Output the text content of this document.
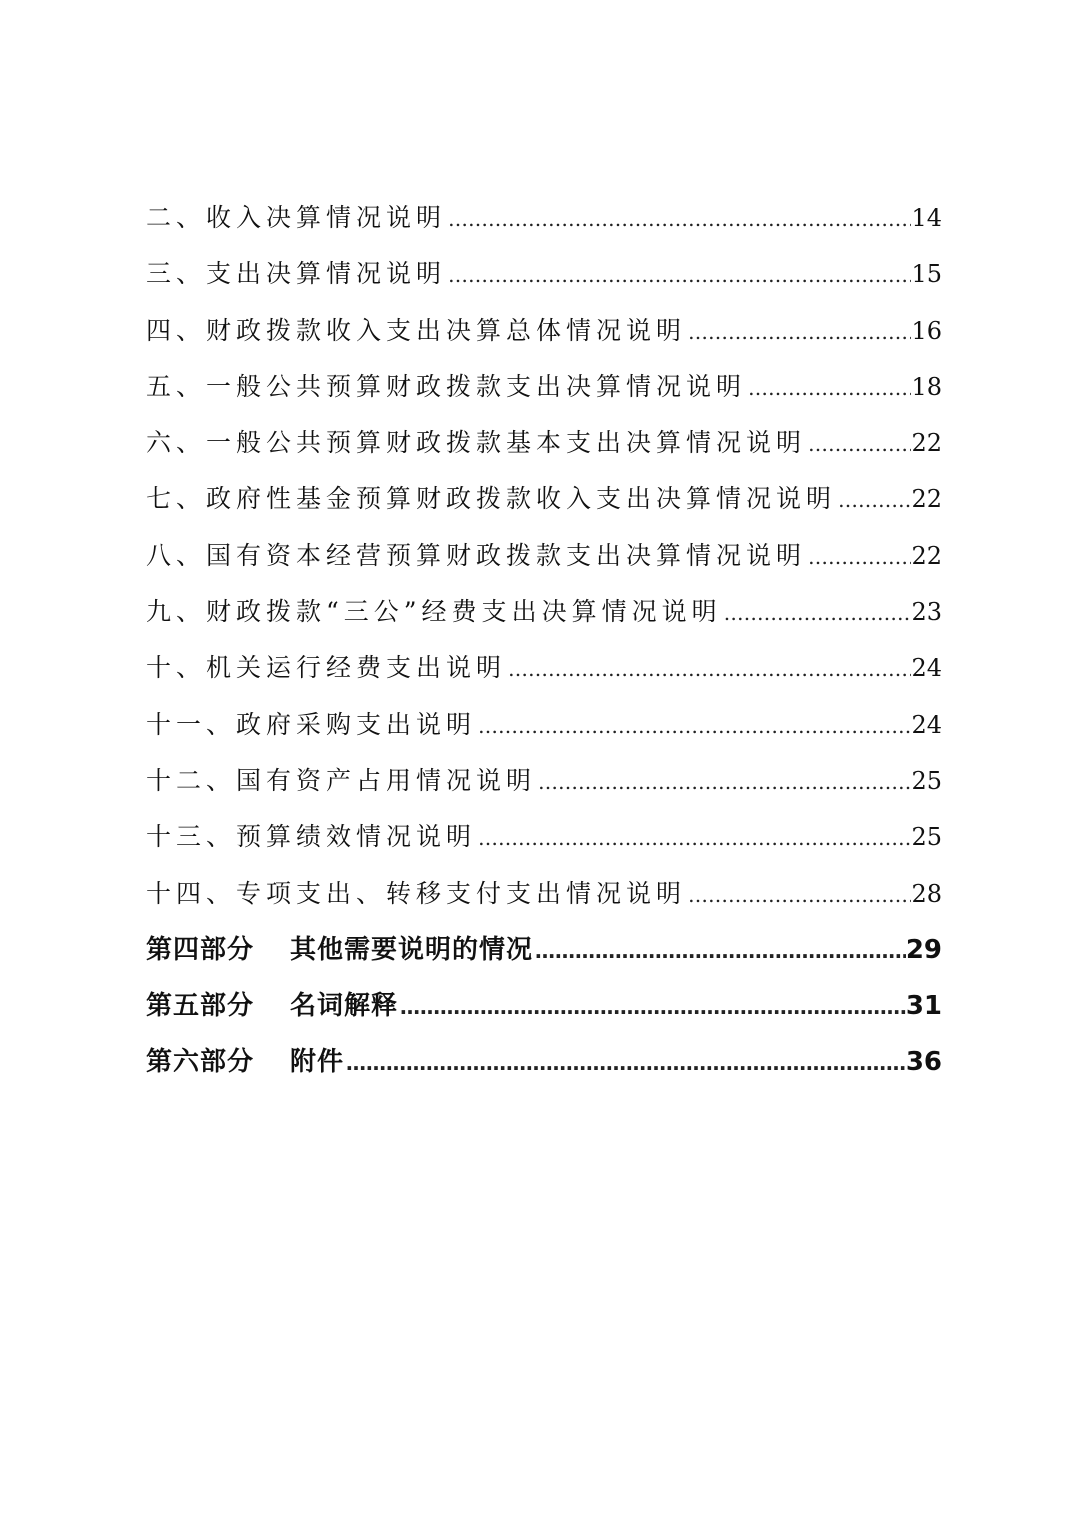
二、收入决算情况说明 …………………………………………………………………………………………………………………………………………………………	14
三、支出决算情况说明 …………………………………………………………………………………………………………………………………………………………	15
四、财政拨款收入支出决算总体情况说明 …………………………………………………………………………………………………………………………………………………………	16
五、一般公共预算财政拨款支出决算情况说明 …………………………………………………………………………………………………………………………………………………………	18
六、一般公共预算财政拨款基本支出决算情况说明 …………………………………………………………………………………………………………………………………………………………	22
七、政府性基金预算财政拨款收入支出决算情况说明 …………………………………………………………………………………………………………………………………………………………	22
八、国有资本经营预算财政拨款支出决算情况说明 …………………………………………………………………………………………………………………………………………………………	22
九、财政拨款“三公”经费支出决算情况说明 …………………………………………………………………………………………………………………………………………………………	23
十、机关运行经费支出说明 …………………………………………………………………………………………………………………………………………………………	24
十一、政府采购支出说明 …………………………………………………………………………………………………………………………………………………………	24
十二、国有资产占用情况说明 …………………………………………………………………………………………………………………………………………………………	25
十三、预算绩效情况说明 …………………………………………………………………………………………………………………………………………………………	25
十四、专项支出、转移支付支出情况说明 …………………………………………………………………………………………………………………………………………………………	28
第四部分 其他需要说明的情况 …………………………………………………………………………………………………………………………………………………………	29
第五部分 名词解释 …………………………………………………………………………………………………………………………………………………………	31
第六部分 附件 …………………………………………………………………………………………………………………………………………………………	36
